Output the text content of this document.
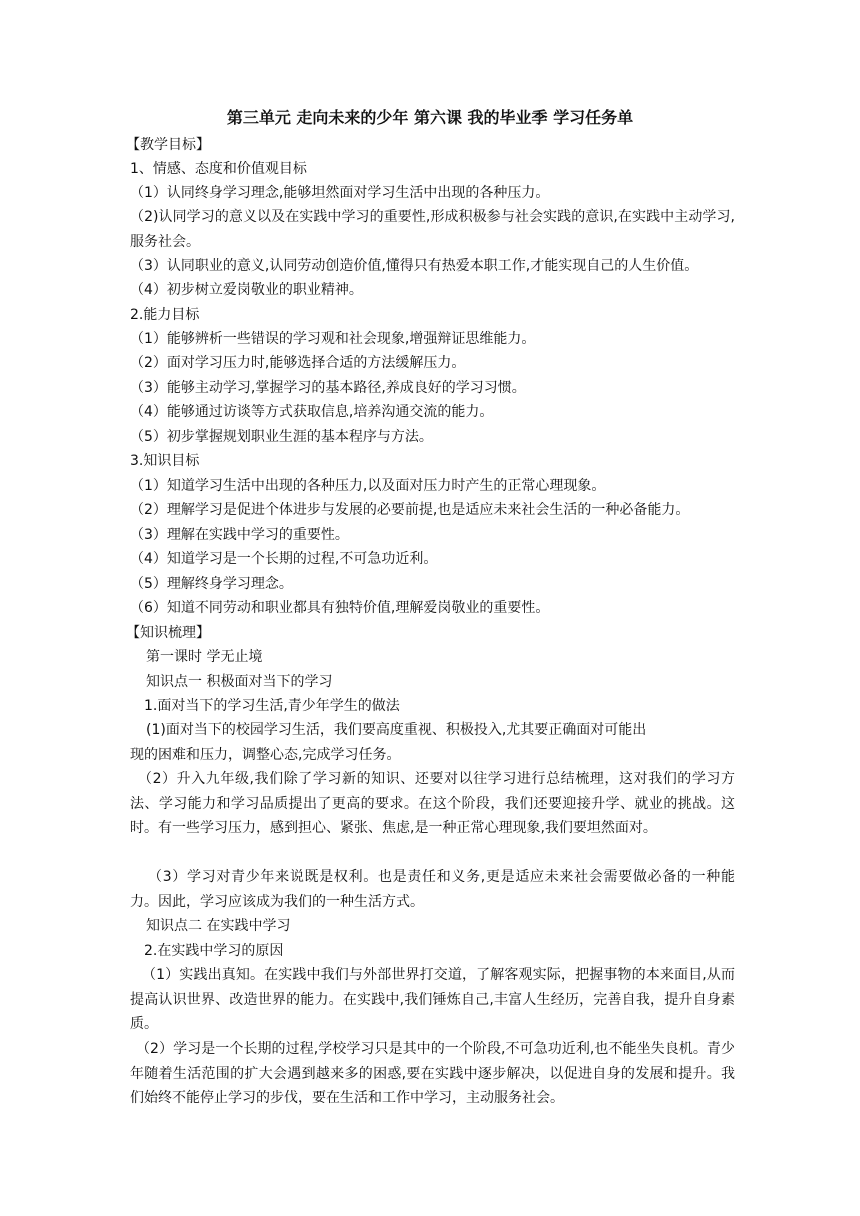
第三单元 走向未来的少年 第六课 我的毕业季 学习任务单
【教学目标】
1、情感、态度和价值观目标
（1）认同终身学习理念,能够坦然面对学习生活中出现的各种压力。
（2)认同学习的意义以及在实践中学习的重要性,形成积极参与社会实践的意识,在实践中主动学习,服务社会。
（3）认同职业的意义,认同劳动创造价值,懂得只有热爱本职工作,才能实现自己的人生价值。
（4）初步树立爱岗敬业的职业精神。
2.能力目标
（1）能够辨析一些错误的学习观和社会现象,增强辩证思维能力。
（2）面对学习压力时,能够选择合适的方法缓解压力。
（3）能够主动学习,掌握学习的基本路径,养成良好的学习习惯。
（4）能够通过访谈等方式获取信息,培养沟通交流的能力。
（5）初步掌握规划职业生涯的基本程序与方法。
3.知识目标
（1）知道学习生活中出现的各种压力,以及面对压力时产生的正常心理现象。
（2）理解学习是促进个体进步与发展的必要前提,也是适应未来社会生活的一种必备能力。
（3）理解在实践中学习的重要性。
（4）知道学习是一个长期的过程,不可急功近利。
（5）理解终身学习理念。
（6）知道不同劳动和职业都具有独特价值,理解爱岗敬业的重要性。
【知识梳理】
第一课时 学无止境
知识点一 积极面对当下的学习
1.面对当下的学习生活,青少年学生的做法
(1)面对当下的校园学习生活，我们要高度重视、积极投入,尤其要正确面对可能出
现的困难和压力，调整心态,完成学习任务。
（2）升入九年级,我们除了学习新的知识、还要对以往学习进行总结梳理，这对我们的学习方法、学习能力和学习品质提出了更高的要求。在这个阶段，我们还要迎接升学、就业的挑战。这时。有一些学习压力，感到担心、紧张、焦虑,是一种正常心理现象,我们要坦然面对。
（3）学习对青少年来说既是权利。也是责任和义务,更是适应未来社会需要做必备的一种能力。因此，学习应该成为我们的一种生活方式。
知识点二 在实践中学习
2.在实践中学习的原因
（1）实践出真知。在实践中我们与外部世界打交道，了解客观实际，把握事物的本来面目,从而提高认识世界、改造世界的能力。在实践中,我们锤炼自己,丰富人生经历，完善自我，提升自身素质。
（2）学习是一个长期的过程,学校学习只是其中的一个阶段,不可急功近利,也不能坐失良机。青少年随着生活范围的扩大会遇到越来多的困惑,要在实践中逐步解决，以促进自身的发展和提升。我们始终不能停止学习的步伐，要在生活和工作中学习，主动服务社会。
